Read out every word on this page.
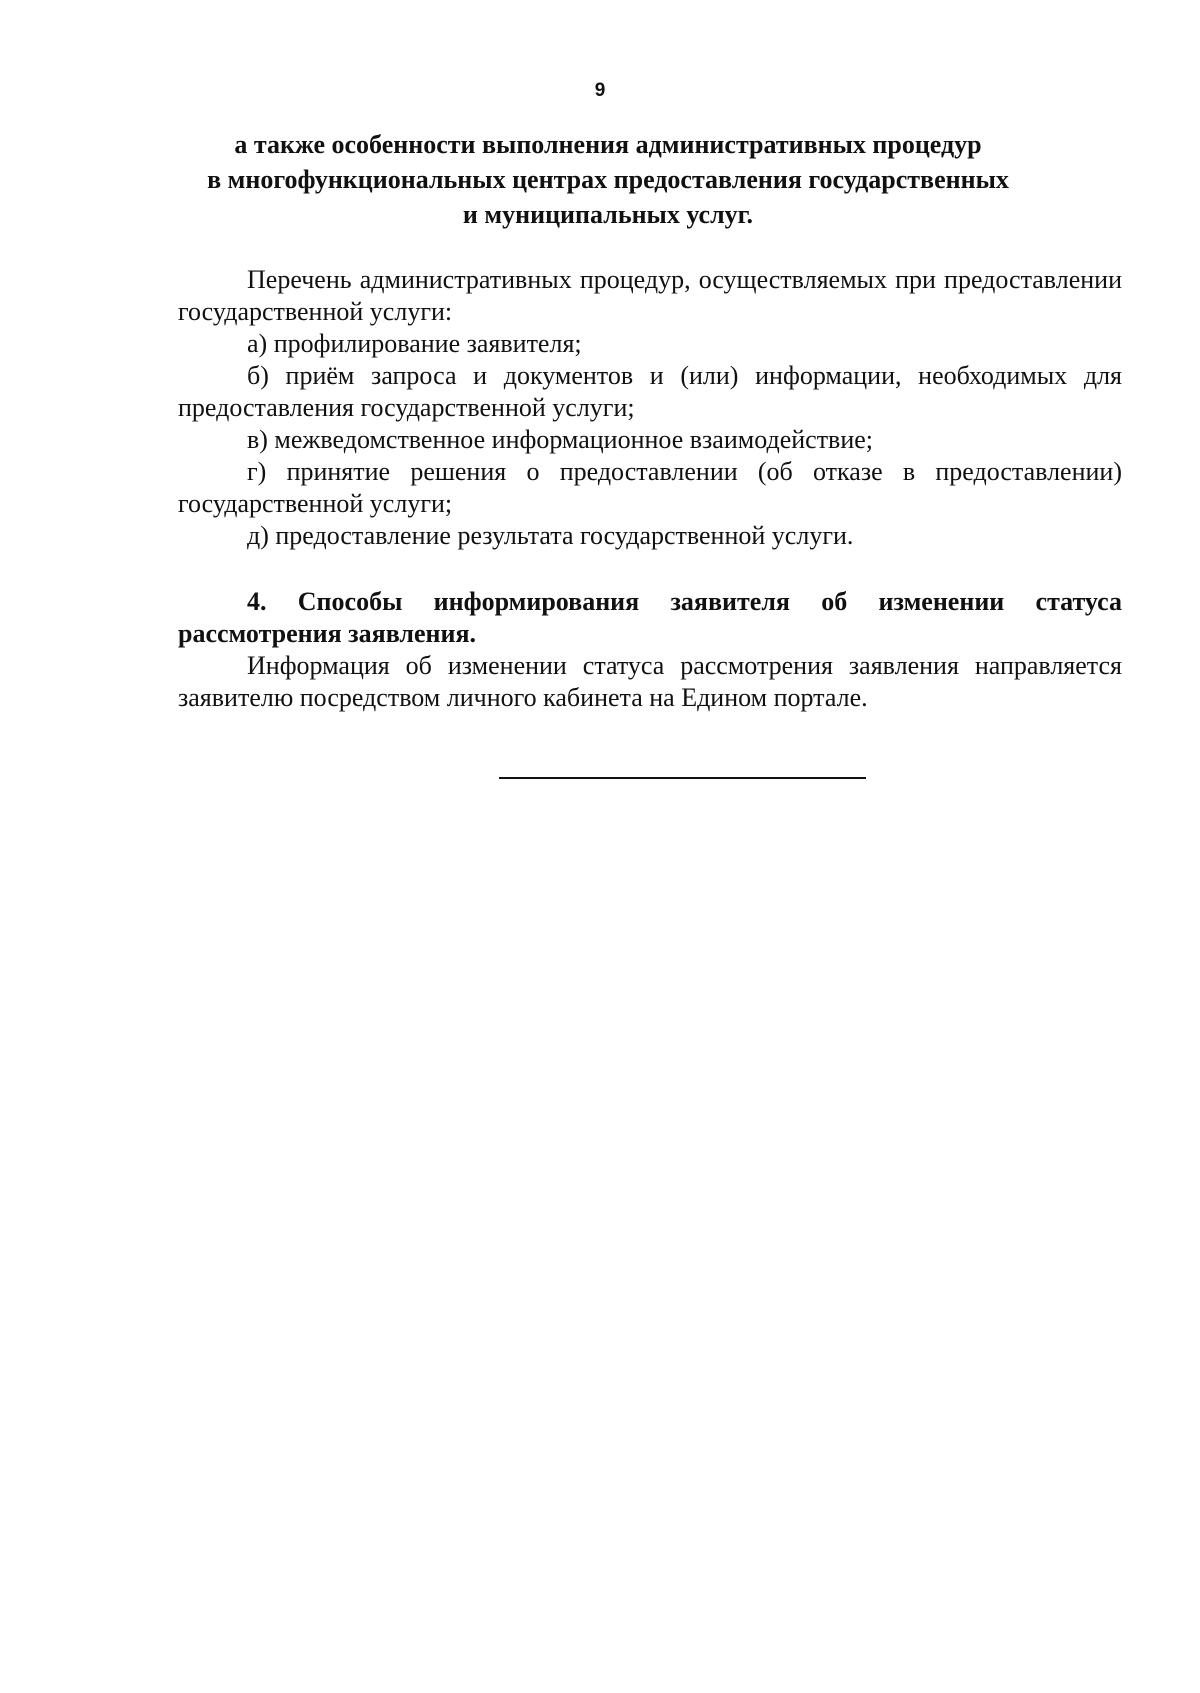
9
а также особенности выполнения административных процедур
в многофункциональных центрах предоставления государственных
и муниципальных услуг.

Перечень административных процедур, осуществляемых при предоставлении государственной услуги:

а) профилирование заявителя;

б) приём запроса и документов и (или) информации, необходимых для предоставления государственной услуги;

в) межведомственное информационное взаимодействие;

г) принятие решения о предоставлении (об отказе в предоставлении) государственной услуги;

д) предоставление результата государственной услуги.

4. Способы информирования заявителя об изменении статуса рассмотрения заявления.

Информация об изменении статуса рассмотрения заявления направляется заявителю посредством личного кабинета на Едином портале.
